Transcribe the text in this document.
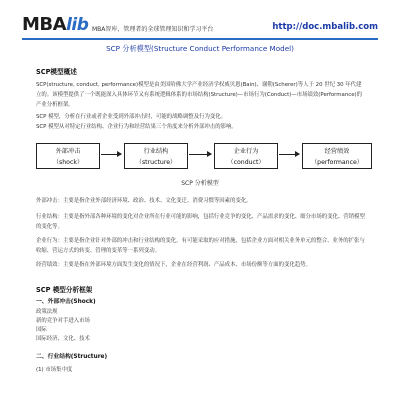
MBA lib MBA智库，管理者的全球管理知识和学习平台	http://doc.mbalib.com
SCP 分析模型(Structure Conduct Performance Model)
SCP模型概述

SCP(structure, conduct, performance)模型是由美国哈佛大学产业经济学权威贝恩(Bain)、谢勒(Scherer)等人于 20 世纪 30 年代建立的。该模型提供了一个既能深入具体环节又有系统逻辑体系的市场结构(Structure)—市场行为(Conduct)—市场绩效(Performance)的产业分析框架。

SCP 模型，分析在行业或者企业受到外部冲击时，可能的战略调整及行为变化。

SCP 模型从对特定行业结构、企业行为和经营结果三个角度来分析外部冲击的影响。

外部冲击
（shock）
行业结构
（structure）
企业行为
（conduct）
经营绩效
（performance）
SCP 分析模型

外部冲击：主要是指企业外部经济环境、政治、技术、文化变迁、消费习惯等因素的变化。

行业结构：主要是指外部各种环境的变化对企业所在行业可能的影响，包括行业竞争的变化、产品需求的变化、细分市场的变化、营销模型的变化等。

企业行为：主要是指企业针对外部的冲击和行业结构的变化，有可能采取的应对措施，包括企业方面对相关业务单元的整合、业务的扩张与收缩、营运方式的转变、管理的变革等一系列变动。

经营绩效：主要是指在外部环境方面发生变化的情况下，企业在经营利润、产品成本、市场份额等方面的变化趋势。

SCP 模型分析框架
一、外部冲击(Shock)
政策法规
新的竞争对手进入市场
国际
国际经济、文化、技术
二、行业结构(Structure)
(1) 市场集中度
